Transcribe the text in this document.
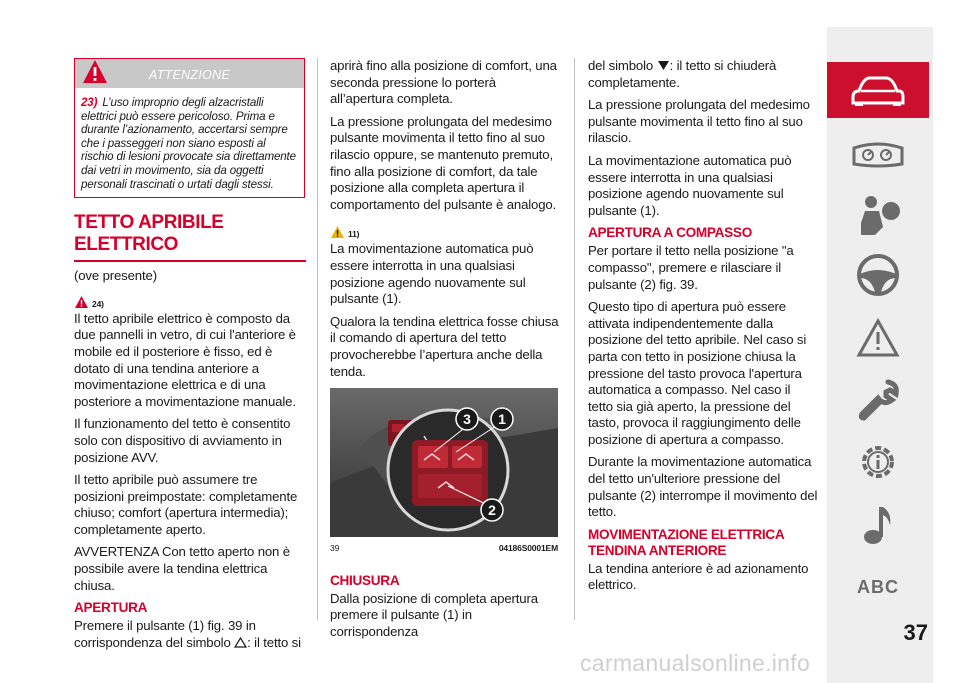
ATTENZIONE
23) L’uso improprio degli alzacristalli elettrici può essere pericoloso. Prima e durante l’azionamento, accertarsi sempre che i passeggeri non siano esposti al rischio di lesioni provocate sia direttamente dai vetri in movimento, sia da oggetti personali trascinati o urtati dagli stessi.
TETTO APRIBILE ELETTRICO

(ove presente)

24)

Il tetto apribile elettrico è composto da due pannelli in vetro, di cui l'anteriore è mobile ed il posteriore è fisso, ed è dotato di una tendina anteriore a movimentazione elettrica e di una posteriore a movimentazione manuale.

Il funzionamento del tetto è consentito solo con dispositivo di avviamento in posizione AVV.

Il tetto apribile può assumere tre posizioni preimpostate: completamente chiuso; comfort (apertura intermedia); completamente aperto.

AVVERTENZA Con tetto aperto non è possibile avere la tendina elettrica chiusa.

APERTURA

Premere il pulsante (1) fig. 39 in corrispondenza del simbolo : il tetto si

aprirà fino alla posizione di comfort, una seconda pressione lo porterà all’apertura completa.

La pressione prolungata del medesimo pulsante movimenta il tetto fino al suo rilascio oppure, se mantenuto premuto, fino alla posizione di comfort, da tale posizione alla completa apertura il comportamento del pulsante è analogo.

11)

La movimentazione automatica può essere interrotta in una qualsiasi posizione agendo nuovamente sul pulsante (1).

Qualora la tendina elettrica fosse chiusa il comando di apertura del tetto provocherebbe l’apertura anche della tenda.

3 1
2
39	04186S0001EM
CHIUSURA

Dalla posizione di completa apertura premere il pulsante (1) in corrispondenza

del simbolo : il tetto si chiuderà completamente.

La pressione prolungata del medesimo pulsante movimenta il tetto fino al suo rilascio.

La movimentazione automatica può essere interrotta in una qualsiasi posizione agendo nuovamente sul pulsante (1).

APERTURA A COMPASSO

Per portare il tetto nella posizione "a compasso", premere e rilasciare il pulsante (2) fig. 39.

Questo tipo di apertura può essere attivata indipendentemente dalla posizione del tetto apribile. Nel caso si parta con tetto in posizione chiusa la pressione del tasto provoca l'apertura automatica a compasso. Nel caso il tetto sia già aperto, la pressione del tasto, provoca il raggiungimento delle posizione di apertura a compasso.

Durante la movimentazione automatica del tetto un'ulteriore pressione del pulsante (2) interrompe il movimento del tetto.

MOVIMENTAZIONE ELETTRICA TENDINA ANTERIORE

La tendina anteriore è ad azionamento elettrico.	ABC
37
carmanualsonline.info
